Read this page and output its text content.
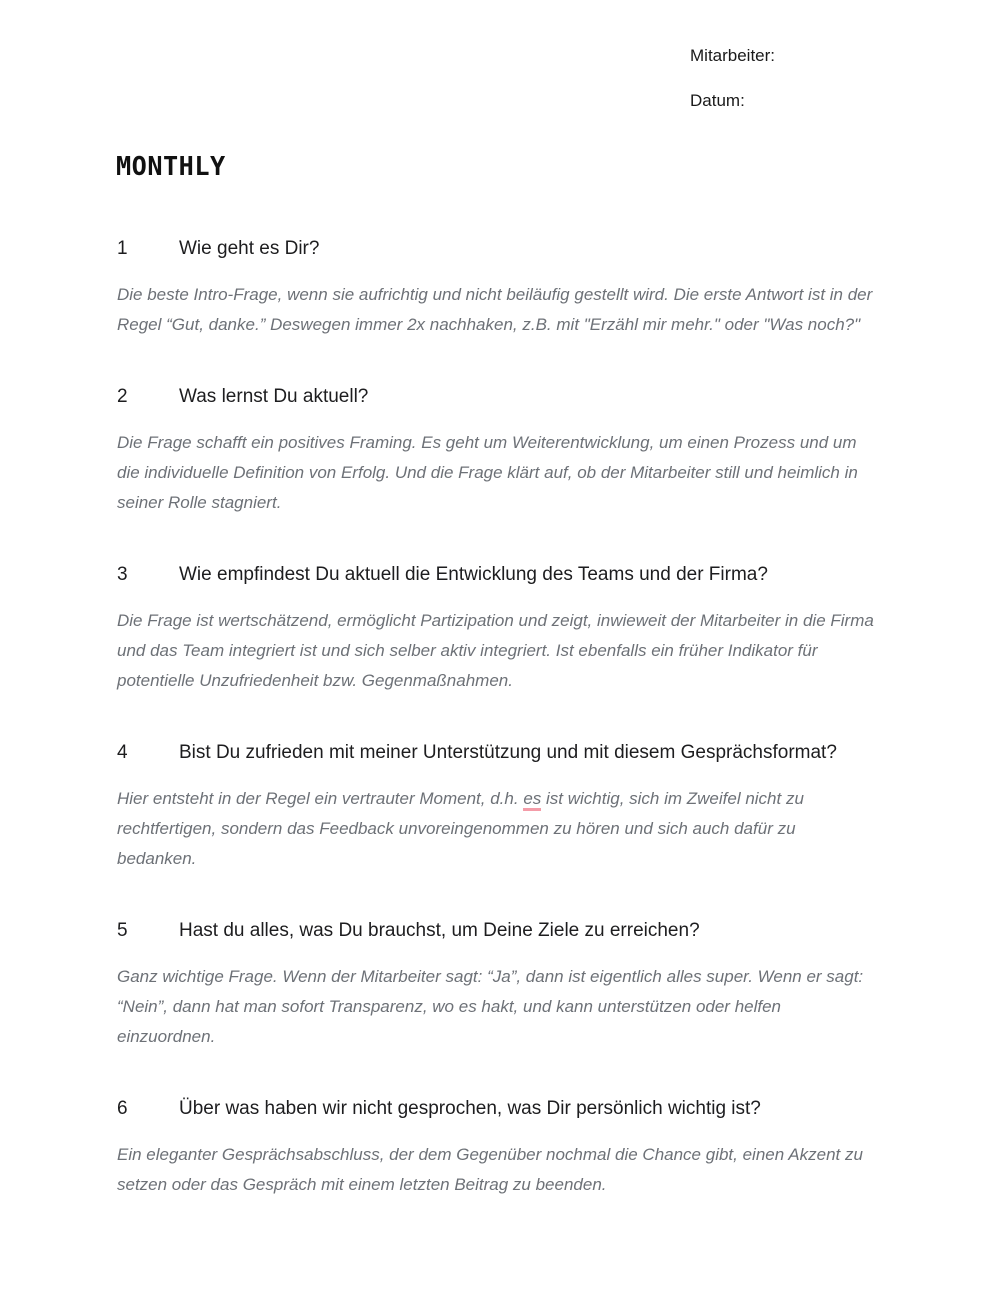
Mitarbeiter:
Datum:
MONTHLY
1	Wie geht es Dir?

Die beste Intro-Frage, wenn sie aufrichtig und nicht beiläufig gestellt wird. Die erste Antwort ist in der Regel “Gut, danke.” Deswegen immer 2x nachhaken, z.B. mit "Erzähl mir mehr." oder "Was noch?"

2	Was lernst Du aktuell?

Die Frage schafft ein positives Framing. Es geht um Weiterentwicklung, um einen Prozess und um die individuelle Definition von Erfolg. Und die Frage klärt auf, ob der Mitarbeiter still und heimlich in seiner Rolle stagniert.

3	Wie empfindest Du aktuell die Entwicklung des Teams und der Firma?

Die Frage ist wertschätzend, ermöglicht Partizipation und zeigt, inwieweit der Mitarbeiter in die Firma und das Team integriert ist und sich selber aktiv integriert. Ist ebenfalls ein früher Indikator für potentielle Unzufriedenheit bzw. Gegenmaßnahmen.

4	Bist Du zufrieden mit meiner Unterstützung und mit diesem Gesprächsformat?

Hier entsteht in der Regel ein vertrauter Moment, d.h. es ist wichtig, sich im Zweifel nicht zu rechtfertigen, sondern das Feedback unvoreingenommen zu hören und sich auch dafür zu bedanken.

5	Hast du alles, was Du brauchst, um Deine Ziele zu erreichen?

Ganz wichtige Frage. Wenn der Mitarbeiter sagt: “Ja”, dann ist eigentlich alles super. Wenn er sagt: “Nein”, dann hat man sofort Transparenz, wo es hakt, und kann unterstützen oder helfen einzuordnen.

6	Über was haben wir nicht gesprochen, was Dir persönlich wichtig ist?

Ein eleganter Gesprächsabschluss, der dem Gegenüber nochmal die Chance gibt, einen Akzent zu setzen oder das Gespräch mit einem letzten Beitrag zu beenden.
